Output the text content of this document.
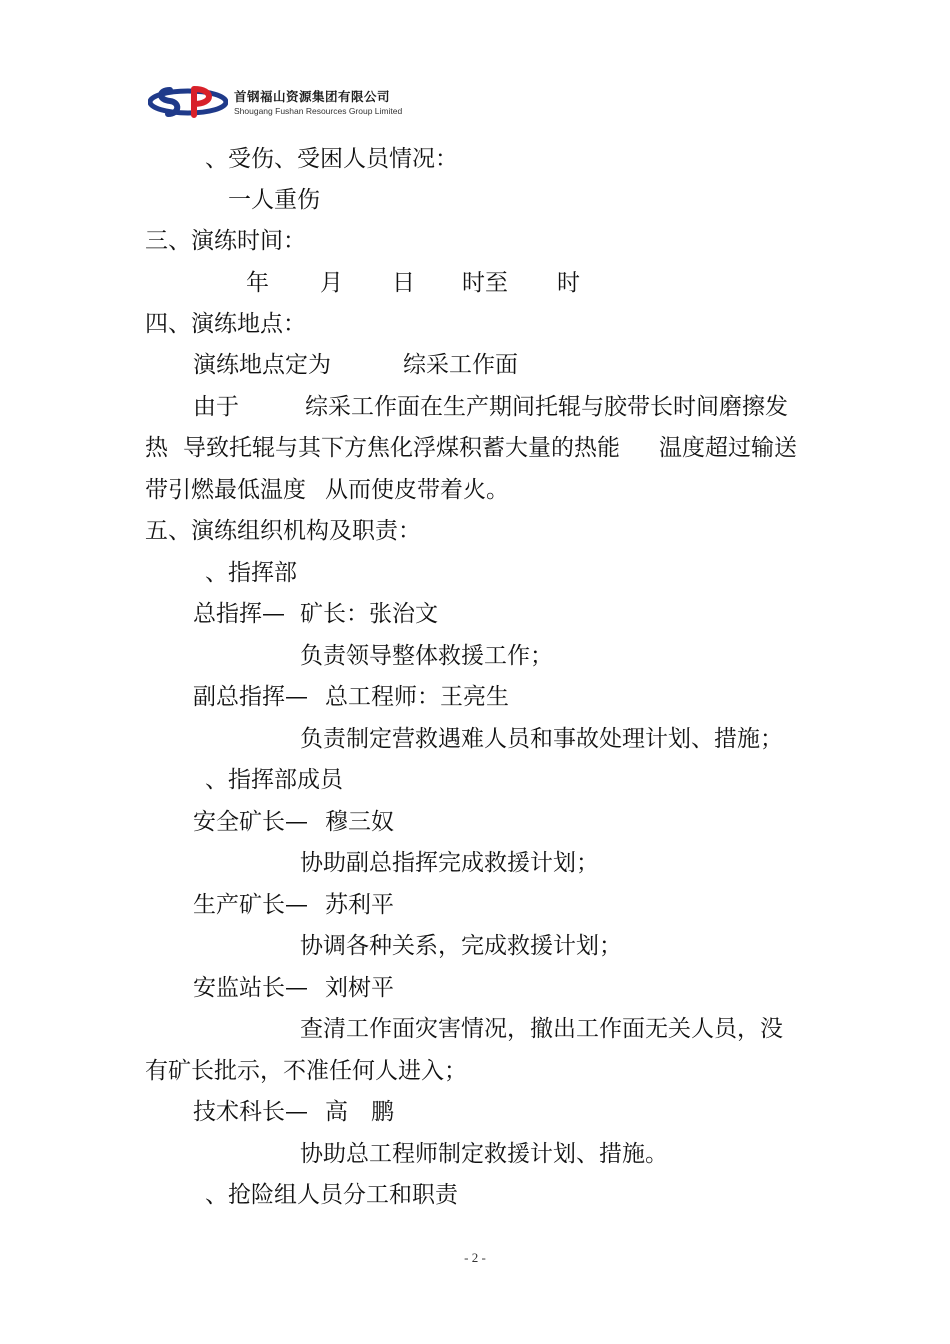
首钢福山资源集团有限公司
Shougang Fushan Resources Group Limited
、受伤、受困人员情况：
一人重伤
三、演练时间：
年 月 日 时至 时
四、演练地点：
演练地点定为	综采工作面
由于	综采工作面在生产期间托辊与胶带长时间磨擦发
热 导致托辊与其下方焦化浮煤积蓄大量的热能 温度超过输送
带引燃最低温度 从而使皮带着火。
五、演练组织机构及职责：
、指挥部
总指挥— 矿长：张治文
负责领导整体救援工作；
副总指挥— 总工程师：王亮生
负责制定营救遇难人员和事故处理计划、措施；
、指挥部成员
安全矿长— 穆三奴
协助副总指挥完成救援计划；
生产矿长— 苏利平
协调各种关系，完成救援计划；
安监站长— 刘树平
查清工作面灾害情况，撤出工作面无关人员，没
有矿长批示，不准任何人进入；
技术科长— 高 鹏
协助总工程师制定救援计划、措施。
、抢险组人员分工和职责
- 2 -
